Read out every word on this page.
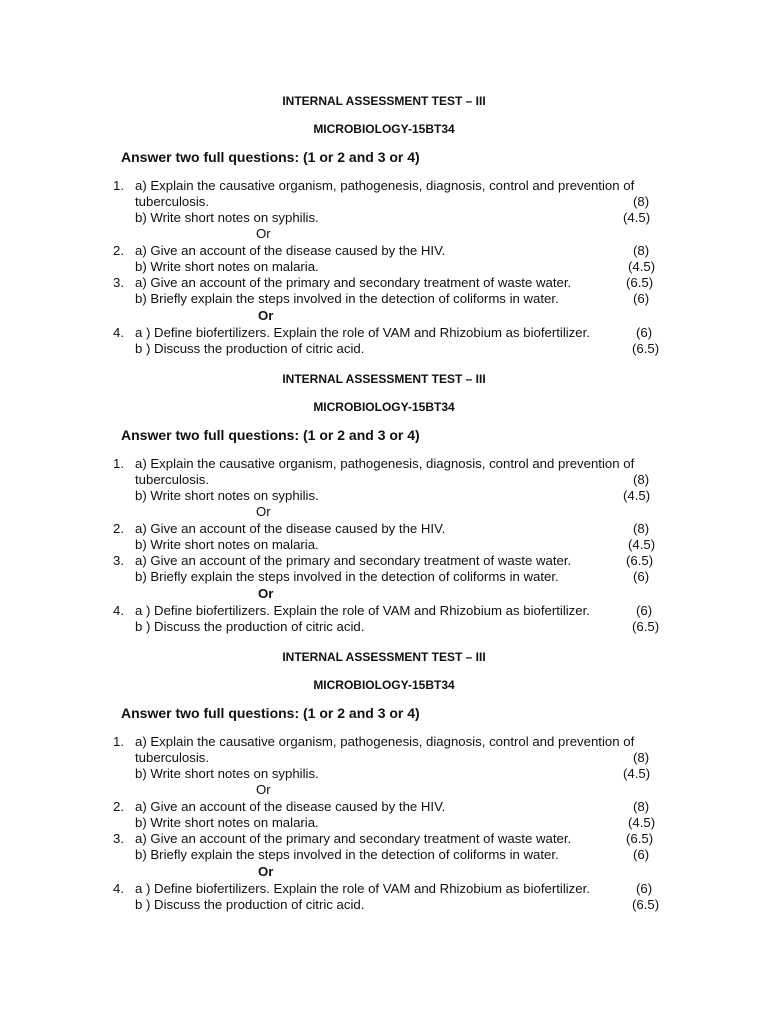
INTERNAL ASSESSMENT TEST – III
MICROBIOLOGY-15BT34
Answer two full questions: (1 or 2 and 3 or 4)
1. a) Explain the causative organism, pathogenesis, diagnosis, control and prevention of
tuberculosis.	(8)
b) Write short notes on syphilis.	(4.5)
Or
2. a) Give an account of the disease caused by the HIV.	(8)
b) Write short notes on malaria.	(4.5)
3. a) Give an account of the primary and secondary treatment of waste water.	(6.5)
b) Briefly explain the steps involved in the detection of coliforms in water.	(6)
Or
4. a ) Define biofertilizers. Explain the role of VAM and Rhizobium as biofertilizer.	(6)
b ) Discuss the production of citric acid.	(6.5)
INTERNAL ASSESSMENT TEST – III
MICROBIOLOGY-15BT34
Answer two full questions: (1 or 2 and 3 or 4)
1. a) Explain the causative organism, pathogenesis, diagnosis, control and prevention of
tuberculosis.	(8)
b) Write short notes on syphilis.	(4.5)
Or
2. a) Give an account of the disease caused by the HIV.	(8)
b) Write short notes on malaria.	(4.5)
3. a) Give an account of the primary and secondary treatment of waste water.	(6.5)
b) Briefly explain the steps involved in the detection of coliforms in water.	(6)
Or
4. a ) Define biofertilizers. Explain the role of VAM and Rhizobium as biofertilizer.	(6)
b ) Discuss the production of citric acid.	(6.5)
INTERNAL ASSESSMENT TEST – III
MICROBIOLOGY-15BT34
Answer two full questions: (1 or 2 and 3 or 4)
1. a) Explain the causative organism, pathogenesis, diagnosis, control and prevention of
tuberculosis.	(8)
b) Write short notes on syphilis.	(4.5)
Or
2. a) Give an account of the disease caused by the HIV.	(8)
b) Write short notes on malaria.	(4.5)
3. a) Give an account of the primary and secondary treatment of waste water.	(6.5)
b) Briefly explain the steps involved in the detection of coliforms in water.	(6)
Or
4. a ) Define biofertilizers. Explain the role of VAM and Rhizobium as biofertilizer.	(6)
b ) Discuss the production of citric acid.	(6.5)
